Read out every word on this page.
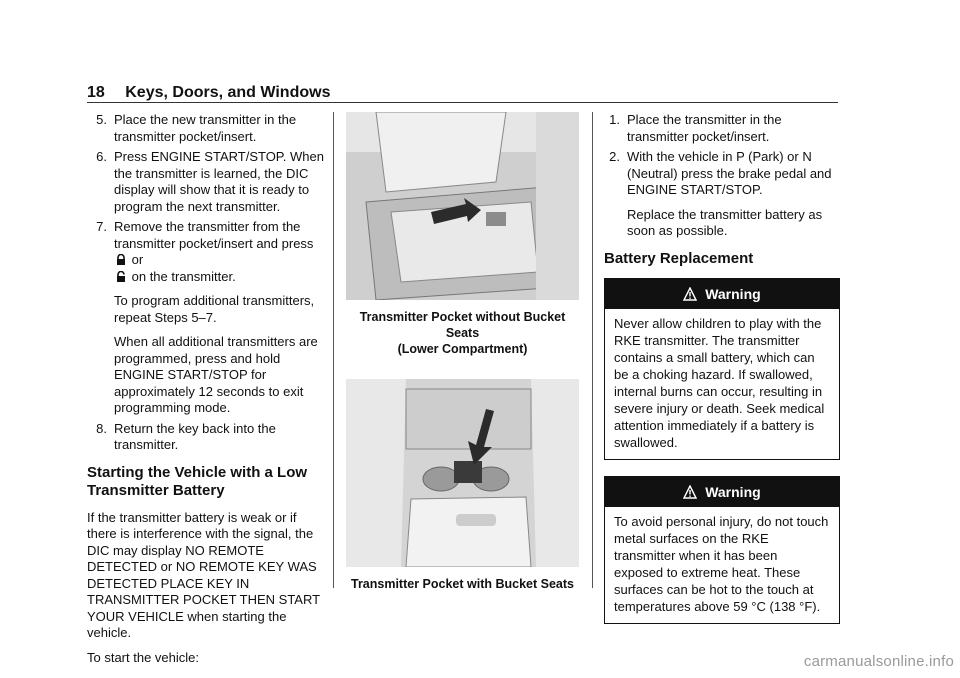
18 Keys, Doors, and Windows
5. Place the new transmitter in the transmitter pocket/insert.
6. Press ENGINE START/STOP. When the transmitter is learned, the DIC display will show that it is ready to program the next transmitter.
7. Remove the transmitter from the transmitter pocket/insert and press  or
on the transmitter.
To program additional transmitters, repeat Steps 5–7.
When all additional transmitters are programmed, press and hold ENGINE START/STOP for approximately 12 seconds to exit programming mode.
8. Return the key back into the transmitter.
Starting the Vehicle with a Low Transmitter Battery
If the transmitter battery is weak or if there is interference with the signal, the DIC may display NO REMOTE DETECTED or NO REMOTE KEY WAS DETECTED PLACE KEY IN TRANSMITTER POCKET THEN START YOUR VEHICLE when starting the vehicle.
To start the vehicle:
Transmitter Pocket without Bucket Seats
(Lower Compartment)
Transmitter Pocket with Bucket Seats
1. Place the transmitter in the transmitter pocket/insert.
2. With the vehicle in P (Park) or N (Neutral) press the brake pedal and ENGINE START/STOP.
Replace the transmitter battery as soon as possible.
Battery Replacement
Warning
Never allow children to play with the RKE transmitter. The transmitter contains a small battery, which can be a choking hazard. If swallowed, internal burns can occur, resulting in severe injury or death. Seek medical attention immediately if a battery is swallowed.
Warning
To avoid personal injury, do not touch metal surfaces on the RKE transmitter when it has been exposed to extreme heat. These surfaces can be hot to the touch at temperatures above 59 °C (138 °F).
carmanualsonline.info
